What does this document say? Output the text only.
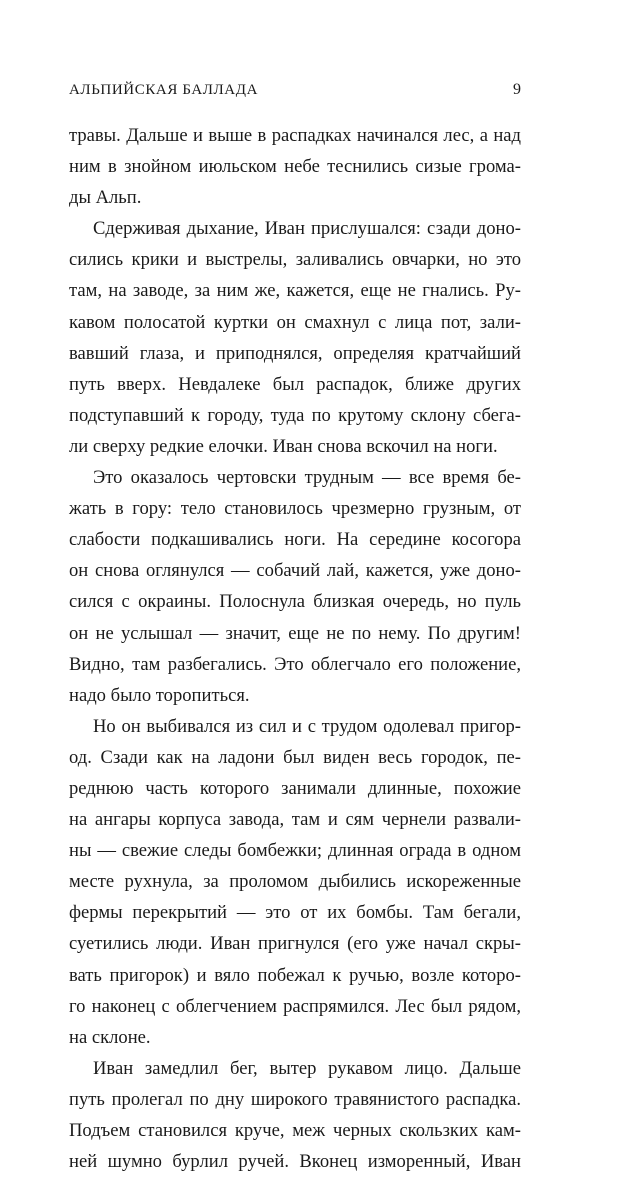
АЛЬПИЙСКАЯ БАЛЛАДА	9
травы. Дальше и выше в распадках начинался лес, а над
ним в знойном июльском небе теснились сизые грома-
ды Альп.
Сдерживая дыхание, Иван прислушался: сзади доно-
сились крики и выстрелы, заливались овчарки, но это
там, на заводе, за ним же, кажется, еще не гнались. Ру-
кавом полосатой куртки он смахнул с лица пот, зали-
вавший глаза, и приподнялся, определяя кратчайший
путь вверх. Невдалеке был распадок, ближе других
подступавший к городу, туда по крутому склону сбега-
ли сверху редкие елочки. Иван снова вскочил на ноги.
Это оказалось чертовски трудным — все время бе-
жать в гору: тело становилось чрезмерно грузным, от
слабости подкашивались ноги. На середине косогора
он снова оглянулся — собачий лай, кажется, уже доно-
сился с окраины. Полоснула близкая очередь, но пуль
он не услышал — значит, еще не по нему. По другим!
Видно, там разбегались. Это облегчало его положение,
надо было торопиться.
Но он выбивался из сил и с трудом одолевал пригор-
од. Сзади как на ладони был виден весь городок, пе-
реднюю часть которого занимали длинные, похожие
на ангары корпуса завода, там и сям чернели развали-
ны — свежие следы бомбежки; длинная ограда в одном
месте рухнула, за проломом дыбились искореженные
фермы перекрытий — это от их бомбы. Там бегали,
суетились люди. Иван пригнулся (его уже начал скры-
вать пригорок) и вяло побежал к ручью, возле которо-
го наконец с облегчением распрямился. Лес был рядом,
на склоне.
Иван замедлил бег, вытер рукавом лицо. Дальше
путь пролегал по дну широкого травянистого распадка.
Подъем становился круче, меж черных скользких кам-
ней шумно бурлил ручей. Вконец изморенный, Иван
